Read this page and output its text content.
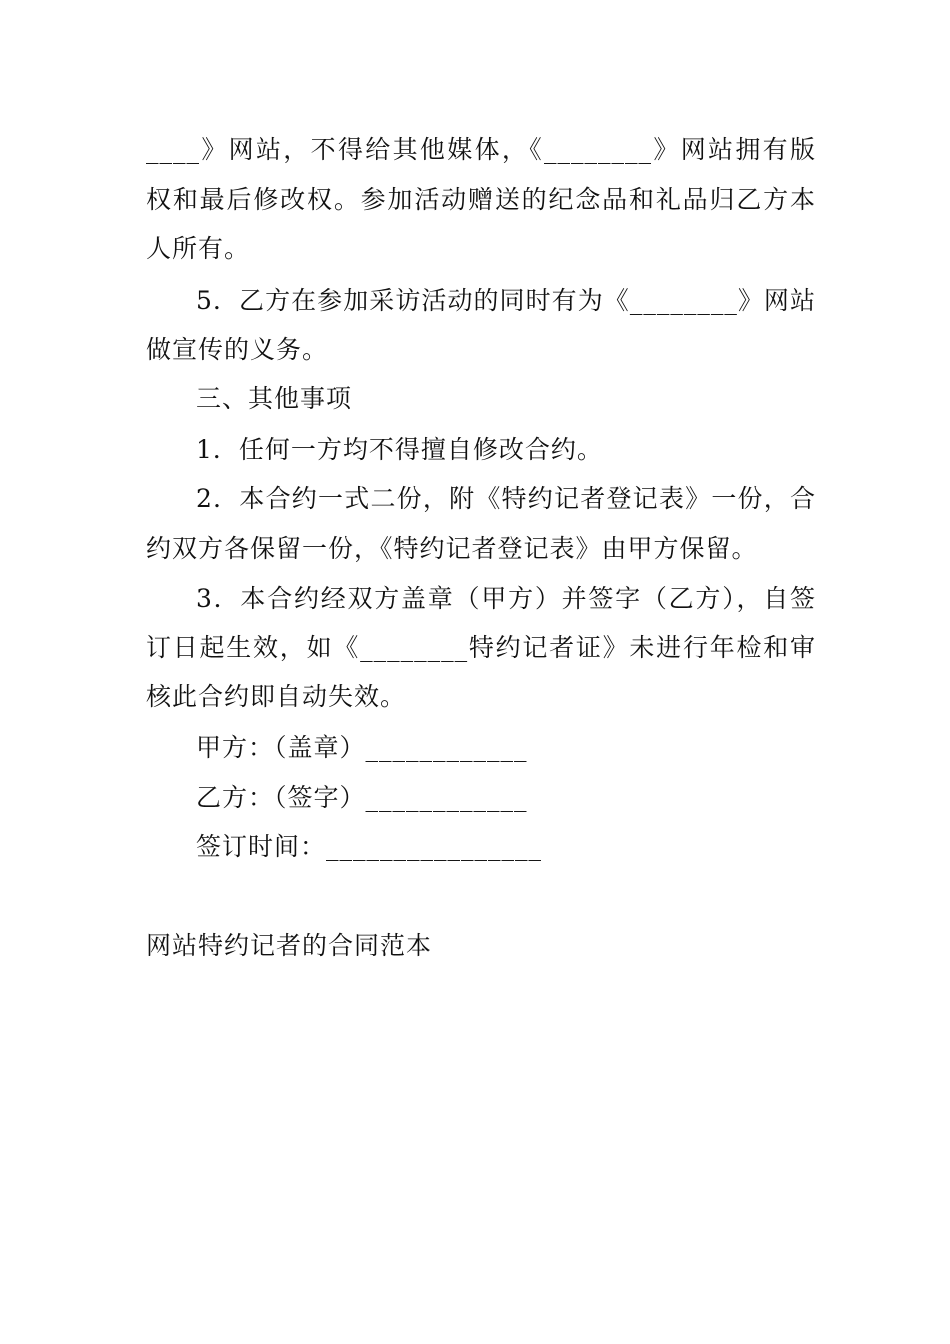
____》网站，不得给其他媒体，《________》网站拥有版
权和最后修改权。参加活动赠送的纪念品和礼品归乙方本
人所有。
5．乙方在参加采访活动的同时有为《________》网站
做宣传的义务。
三、其他事项
1．任何一方均不得擅自修改合约。
2．本合约一式二份，附《特约记者登记表》一份，合
约双方各保留一份，《特约记者登记表》由甲方保留。
3．本合约经双方盖章（甲方）并签字（乙方），自签
订日起生效，如《________特约记者证》未进行年检和审
核此合约即自动失效。
甲方：（盖章）____________
乙方：（签字）____________
签订时间：________________
网站特约记者的合同范本
